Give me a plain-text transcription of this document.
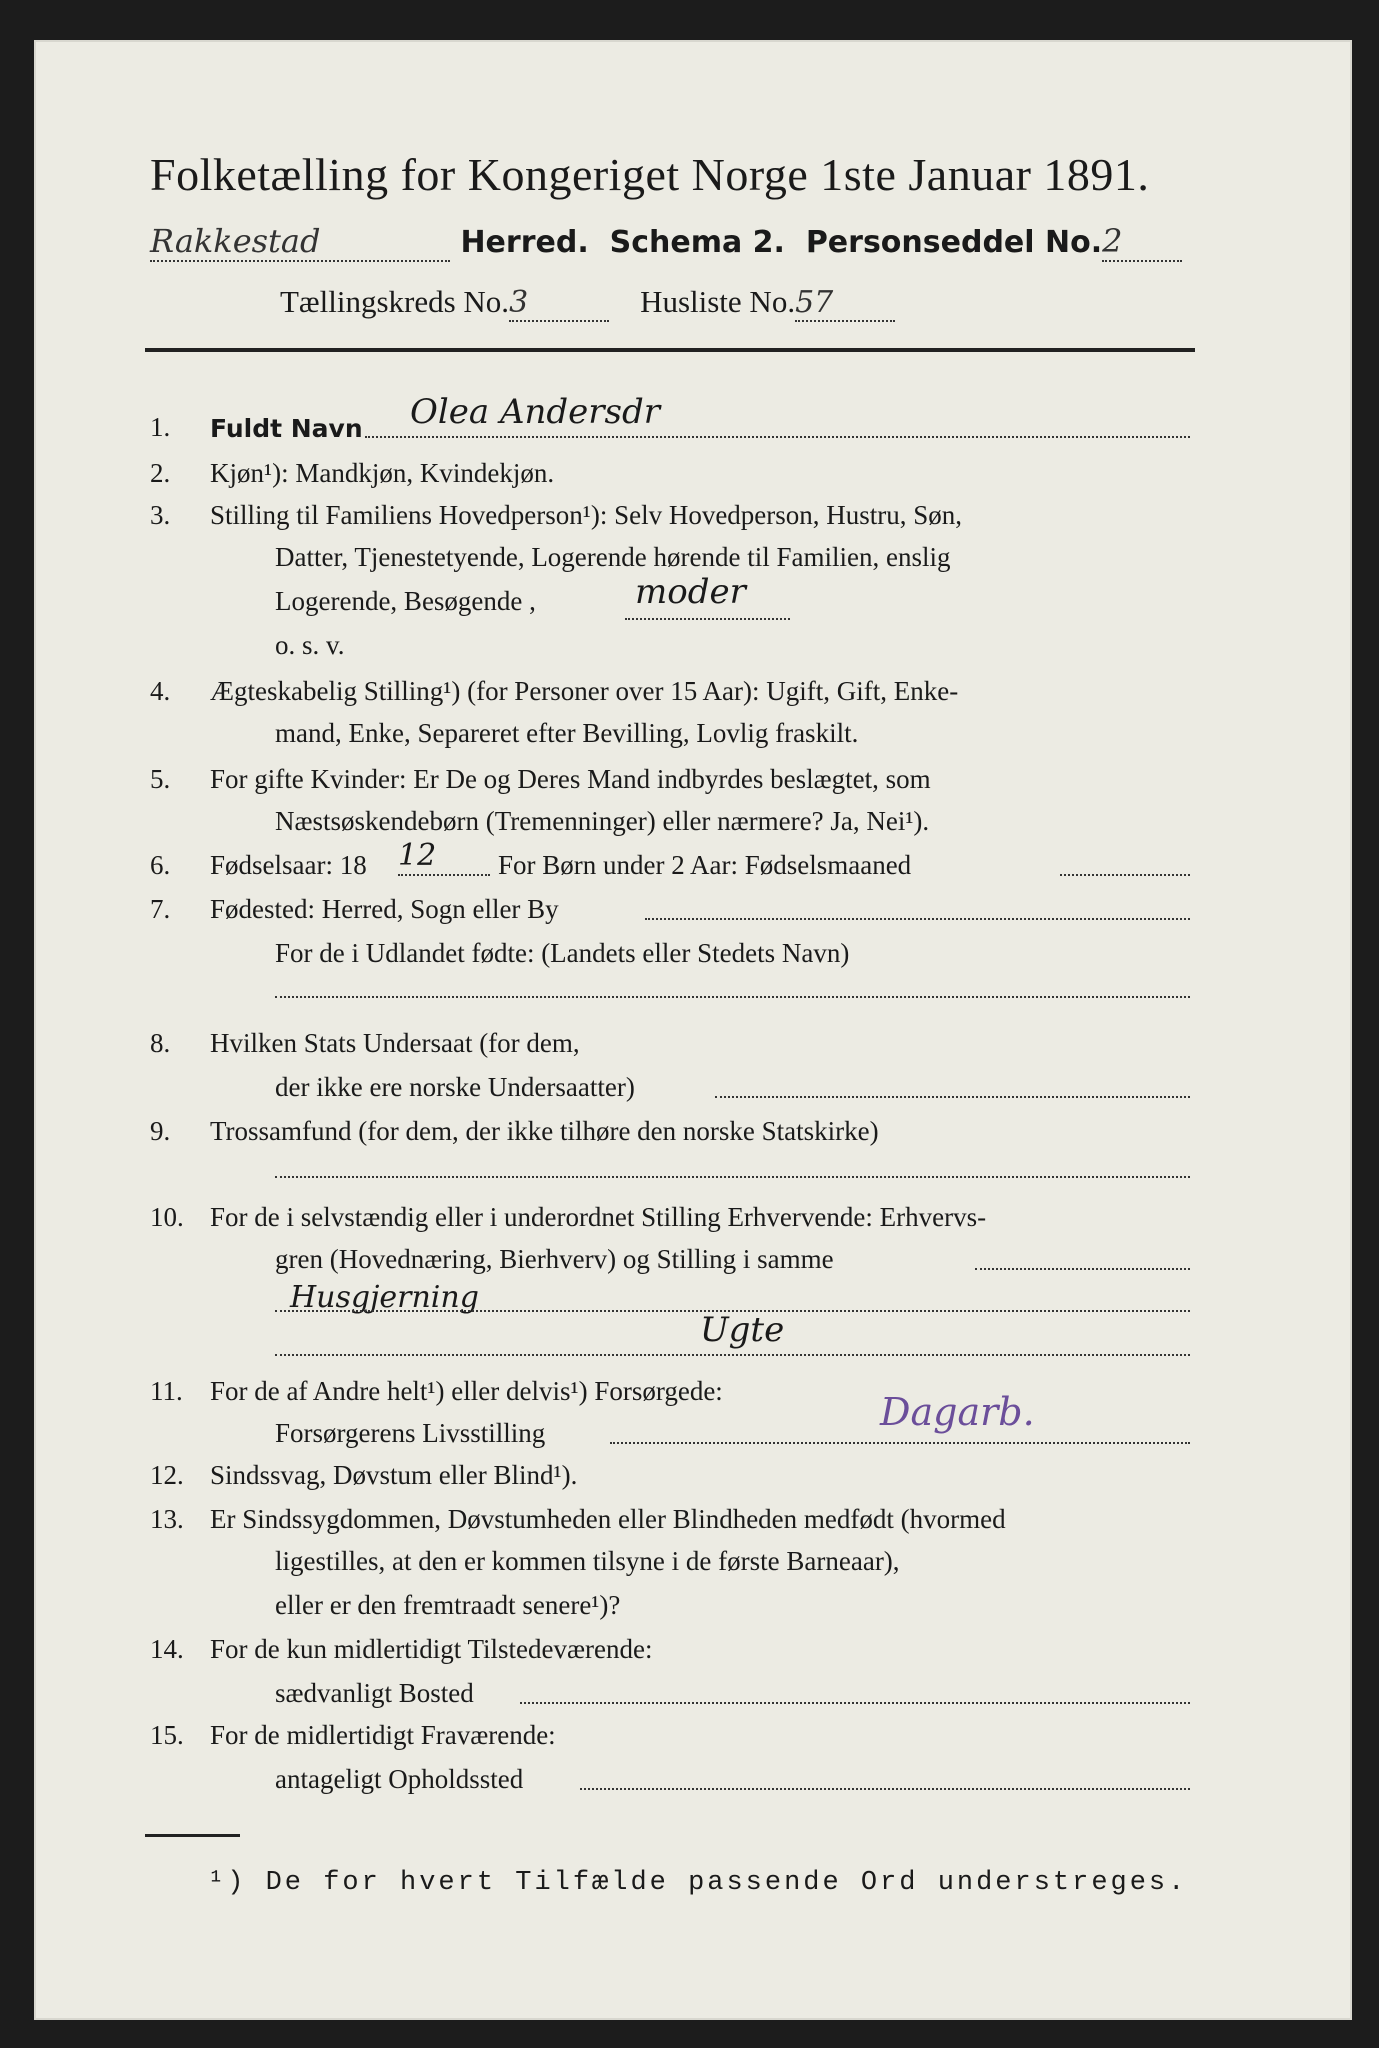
Folketælling for Kongeriget Norge 1ste Januar 1891.
Rakkestad	Herred. Schema 2. Personseddel No.2
Tællingskreds No.3	Husliste No.57
1. Fuldt Navn Olea Andersdr
2. Kjøn¹): Mandkjøn, Kvindekjøn.
3. Stilling til Familiens Hovedperson¹): Selv Hovedperson, Hustru, Søn,
Datter, Tjenestetyende, Logerende hørende til Familien, enslig
Logerende, Besøgende ,	moder
o. s. v.
4. Ægteskabelig Stilling¹) (for Personer over 15 Aar): Ugift, Gift, Enke-
mand, Enke, Separeret efter Bevilling, Lovlig fraskilt.
5. For gifte Kvinder: Er De og Deres Mand indbyrdes beslægtet, som
Næstsøskendebørn (Tremenninger) eller nærmere? Ja, Nei¹).
6. Fødselsaar: 18 12 For Børn under 2 Aar: Fødselsmaaned
7. Fødested: Herred, Sogn eller By
For de i Udlandet fødte: (Landets eller Stedets Navn)
8. Hvilken Stats Undersaat (for dem,
der ikke ere norske Undersaatter)
9. Trossamfund (for dem, der ikke tilhøre den norske Statskirke)
10. For de i selvstændig eller i underordnet Stilling Erhvervende: Erhvervs-
gren (Hovednæring, Bierhverv) og Stilling i samme
Husgjerning
Ugte
11. For de af Andre helt¹) eller delvis¹) Forsørgede:
Forsørgerens Livsstilling	Dagarb.
12. Sindssvag, Døvstum eller Blind¹).
13. Er Sindssygdommen, Døvstumheden eller Blindheden medfødt (hvormed
ligestilles, at den er kommen tilsyne i de første Barneaar),
eller er den fremtraadt senere¹)?
14. For de kun midlertidigt Tilstedeværende:
sædvanligt Bosted
15. For de midlertidigt Fraværende:
antageligt Opholdssted
¹) De for hvert Tilfælde passende Ord understreges.
